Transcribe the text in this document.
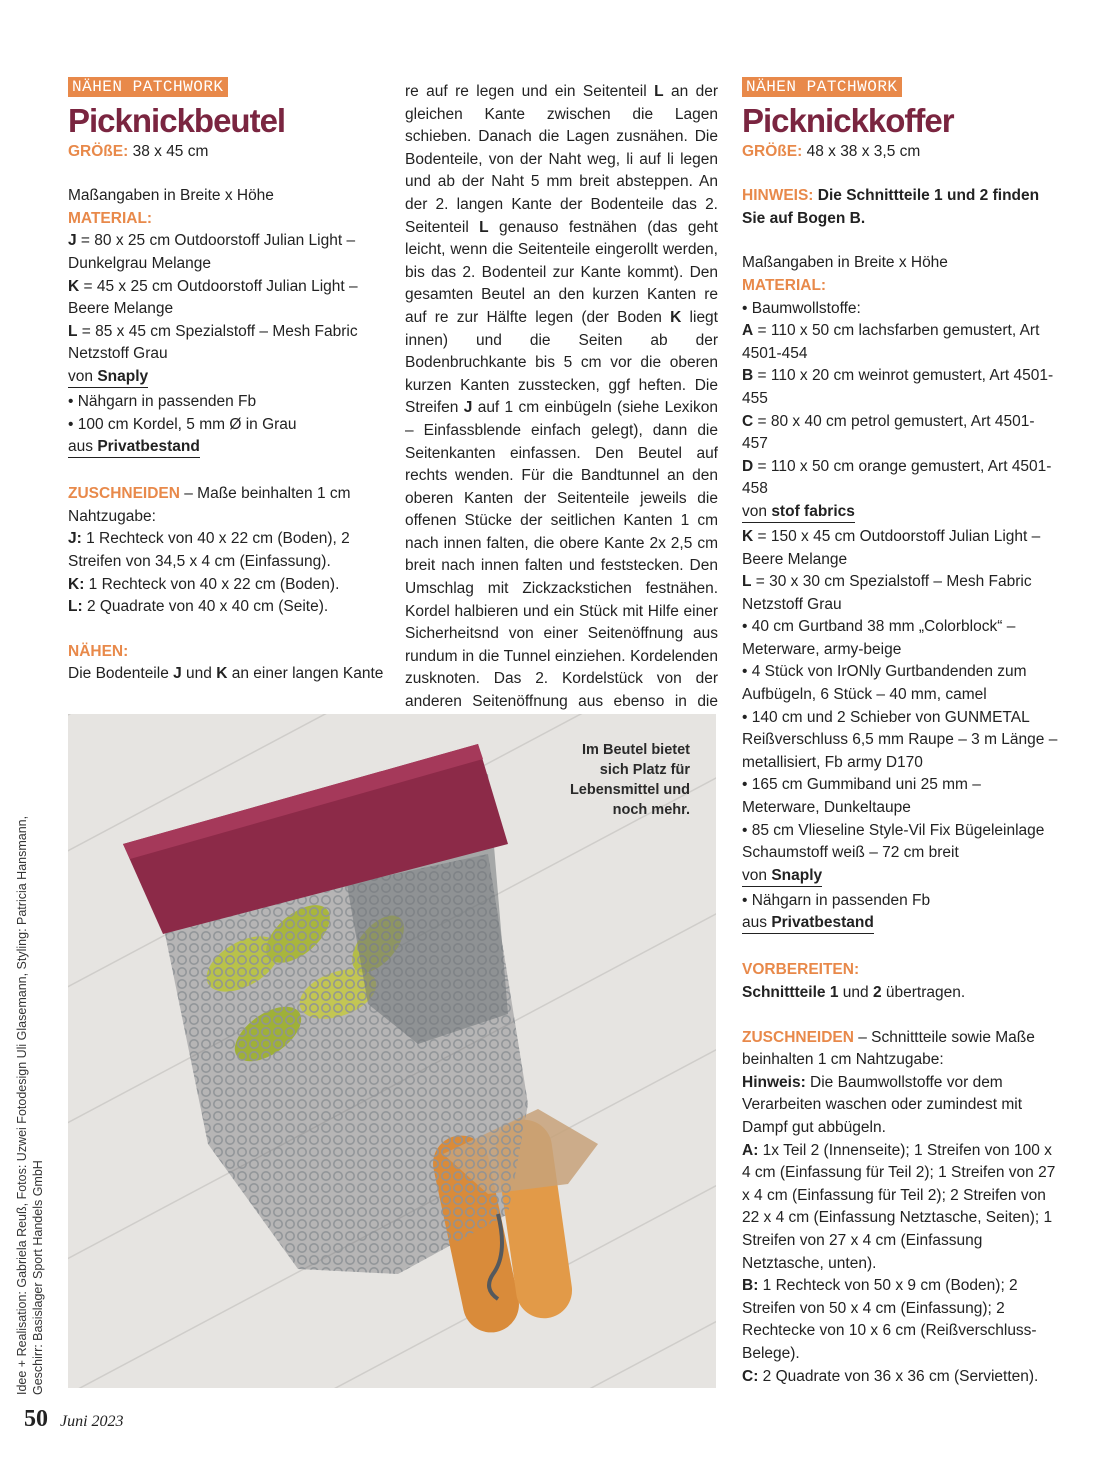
NÄHEN PATCHWORK
Picknickbeutel
GRÖßE: 38 x 45 cm
Maßangaben in Breite x Höhe
MATERIAL:
J = 80 x 25 cm Outdoorstoff Julian Light – Dunkelgrau Melange
K = 45 x 25 cm Outdoorstoff Julian Light – Beere Melange
L = 85 x 45 cm Spezialstoff – Mesh Fabric Netzstoff Grau
von Snaply
• Nähgarn in passenden Fb
• 100 cm Kordel, 5 mm Ø in Grau
aus Privatbestand
ZUSCHNEIDEN – Maße beinhalten 1 cm Nahtzugabe:
J: 1 Rechteck von 40 x 22 cm (Boden), 2 Streifen von 34,5 x 4 cm (Einfassung).
K: 1 Rechteck von 40 x 22 cm (Boden).
L: 2 Quadrate von 40 x 40 cm (Seite).
NÄHEN:
Die Bodenteile J und K an einer langen Kante
re auf re legen und ein Seitenteil L an der gleichen Kante zwischen die Lagen schieben. Danach die Lagen zusnähen. Die Bodenteile, von der Naht weg, li auf li legen und ab der Naht 5 mm breit absteppen. An der 2. langen Kante der Bodenteile das 2. Seitenteil L genauso festnähen (das geht leicht, wenn die Seitenteile eingerollt werden, bis das 2. Bodenteil zur Kante kommt). Den gesamten Beutel an den kurzen Kanten re auf re zur Hälfte legen (der Boden K liegt innen) und die Seiten ab der Bodenbruchkante bis 5 cm vor die oberen kurzen Kanten zusstecken, ggf heften. Die Streifen J auf 1 cm einbügeln (siehe Lexikon – Einfassblende einfach gelegt), dann die Seitenkanten einfassen. Den Beutel auf rechts wenden. Für die Bandtunnel an den oberen Kanten der Seitenteile jeweils die offenen Stücke der seitlichen Kanten 1 cm nach innen falten, die obere Kante 2x 2,5 cm breit nach innen falten und feststecken. Den Umschlag mit Zickzackstichen festnähen. Kordel halbieren und ein Stück mit Hilfe einer Sicherheitsnd von einer Seitenöffnung aus rundum in die Tunnel einziehen. Kordelenden zusknoten. Das 2. Kordelstück von der anderen Seitenöffnung aus ebenso in die
NÄHEN PATCHWORK
Picknickkoffer
GRÖßE: 48 x 38 x 3,5 cm
HINWEIS: Die Schnittteile 1 und 2 finden Sie auf Bogen B.
Maßangaben in Breite x Höhe
MATERIAL:
• Baumwollstoffe:
A = 110 x 50 cm lachsfarben gemustert, Art 4501-454
B = 110 x 20 cm weinrot gemustert, Art 4501-455
C = 80 x 40 cm petrol gemustert, Art 4501-457
D = 110 x 50 cm orange gemustert, Art 4501-458
von stof fabrics
K = 150 x 45 cm Outdoorstoff Julian Light – Beere Melange
L = 30 x 30 cm Spezialstoff – Mesh Fabric Netzstoff Grau
• 40 cm Gurtband 38 mm „Colorblock“ – Meterware, army-beige
• 4 Stück von IrONly Gurtbandenden zum Aufbügeln, 6 Stück – 40 mm, camel
• 140 cm und 2 Schieber von GUNMETAL Reißverschluss 6,5 mm Raupe – 3 m Länge – metallisiert, Fb army D170
• 165 cm Gummiband uni 25 mm – Meterware, Dunkeltaupe
• 85 cm Vlieseline Style-Vil Fix Bügeleinlage Schaumstoff weiß – 72 cm breit
von Snaply
• Nähgarn in passenden Fb
aus Privatbestand
VORBEREITEN:
Schnittteile 1 und 2 übertragen.
ZUSCHNEIDEN – Schnittteile sowie Maße beinhalten 1 cm Nahtzugabe:
Hinweis: Die Baumwollstoffe vor dem Verarbeiten waschen oder zumindest mit Dampf gut abbügeln.
A: 1x Teil 2 (Innenseite); 1 Streifen von 100 x 4 cm (Einfassung für Teil 2); 1 Streifen von 27 x 4 cm (Einfassung für Teil 2); 2 Streifen von 22 x 4 cm (Einfassung Netztasche, Seiten); 1 Streifen von 27 x 4 cm (Einfassung Netztasche, unten).
B: 1 Rechteck von 50 x 9 cm (Boden); 2 Streifen von 50 x 4 cm (Einfassung); 2 Rechtecke von 10 x 6 cm (Reißverschluss-Belege).
C: 2 Quadrate von 36 x 36 cm (Servietten).
Im Beutel bietet sich Platz für Lebensmittel und noch mehr.
Idee + Realisation: Gabriela Reuß, Fotos: Uzwei Fotodesign Uli Glasemann, Styling: Patricia Hansmann, Geschirr: Basislager Sport Handels GmbH
50 Juni 2023
